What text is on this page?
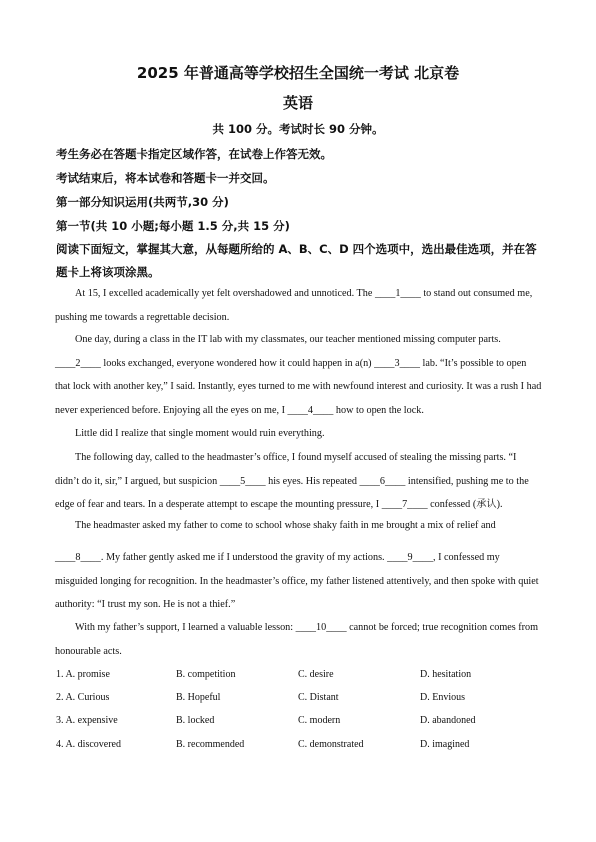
2025 年普通高等学校招生全国统一考试 北京卷
英语
共 100 分。考试时长 90 分钟。
考生务必在答题卡指定区域作答，在试卷上作答无效。
考试结束后，将本试卷和答题卡一并交回。
第一部分知识运用(共两节,30 分)
第一节(共 10 小题;每小题 1.5 分,共 15 分)
阅读下面短文，掌握其大意，从每题所给的 A、B、C、D 四个选项中，选出最佳选项，并在答
题卡上将该项涂黑。
At 15, I excelled academically yet felt overshadowed and unnoticed. The ____1____ to stand out consumed me, pushing me towards a regrettable decision.
One day, during a class in the IT lab with my classmates, our teacher mentioned missing computer parts. ____2____ looks exchanged, everyone wondered how it could happen in a(n) ____3____ lab. “It’s possible to open that lock with another key,” I said. Instantly, eyes turned to me with newfound interest and curiosity. It was a rush I had never experienced before. Enjoying all the eyes on me, I ____4____ how to open the lock.
Little did I realize that single moment would ruin everything.
The following day, called to the headmaster’s office, I found myself accused of stealing the missing parts. “I didn’t do it, sir,” I argued, but suspicion ____5____ his eyes. His repeated ____6____ intensified, pushing me to the edge of fear and tears. In a desperate attempt to escape the mounting pressure, I ____7____ confessed (承认).
The headmaster asked my father to come to school whose shaky faith in me brought a mix of relief and
____8____. My father gently asked me if I understood the gravity of my actions. ____9____, I confessed my misguided longing for recognition. In the headmaster’s office, my father listened attentively, and then spoke with quiet authority: “I trust my son. He is not a thief.”
With my father’s support, I learned a valuable lesson: ____10____ cannot be forced; true recognition comes from honourable acts.
1. A. promise	B. competition	C. desire	D. hesitation
2. A. Curious	B. Hopeful	C. Distant	D. Envious
3. A. expensive	B. locked	C. modern	D. abandoned
4. A. discovered	B. recommended	C. demonstrated	D. imagined
